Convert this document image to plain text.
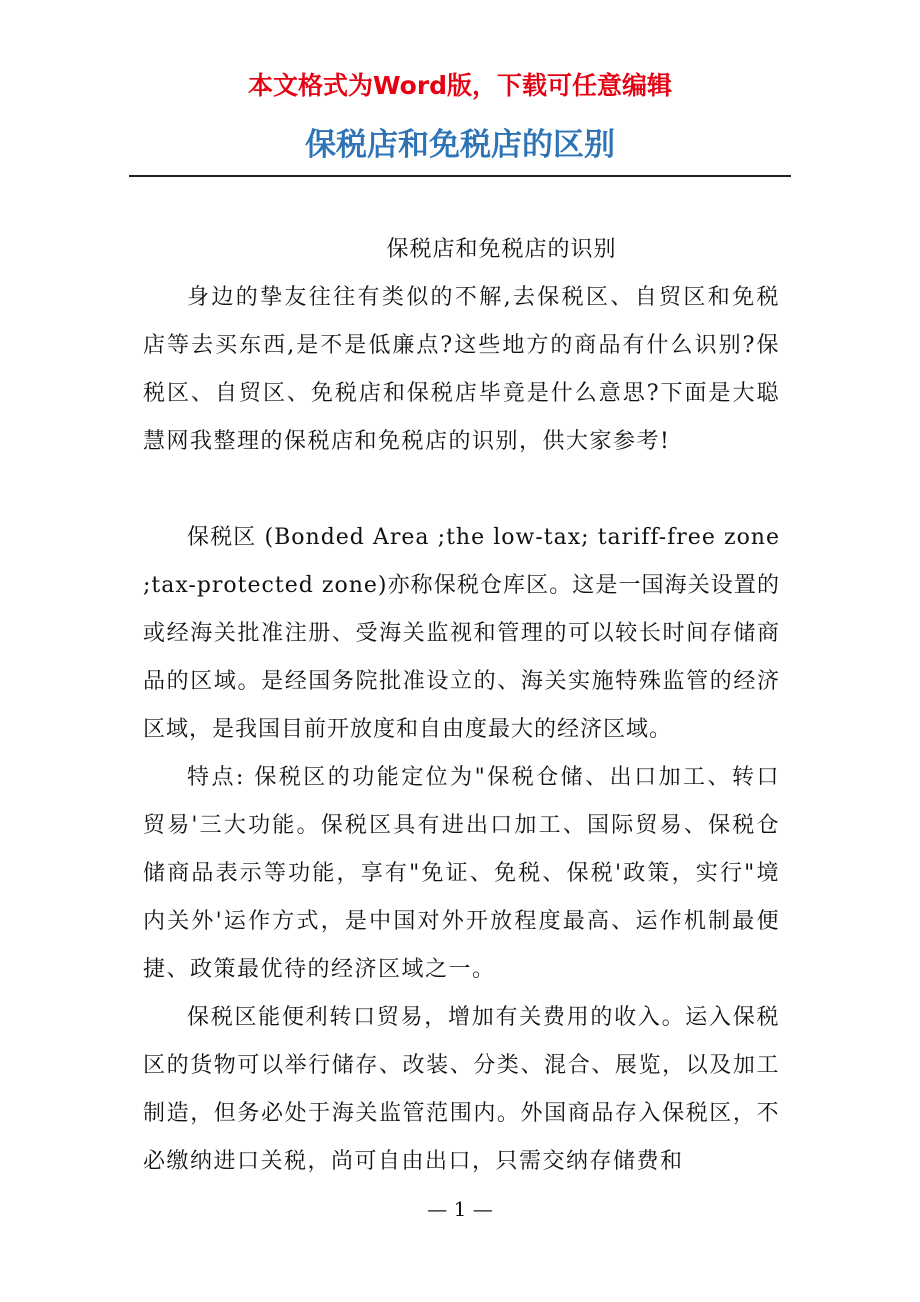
本文格式为Word版，下载可任意编辑
保税店和免税店的区别

保税店和免税店的识别

身边的挚友往往有类似的不解,去保税区、自贸区和免税店等去买东西,是不是低廉点?这些地方的商品有什么识别?保税区、自贸区、免税店和保税店毕竟是什么意思?下面是大聪慧网我整理的保税店和免税店的识别，供大家参考!

保税区 (Bonded Area ;the low-tax; tariff-free zone ;tax-protected zone)亦称保税仓库区。这是一国海关设置的或经海关批准注册、受海关监视和管理的可以较长时间存储商品的区域。是经国务院批准设立的、海关实施特殊监管的经济区域，是我国目前开放度和自由度最大的经济区域。

特点: 保税区的功能定位为"保税仓储、出口加工、转口贸易'三大功能。保税区具有进出口加工、国际贸易、保税仓储商品表示等功能，享有"免证、免税、保税'政策，实行"境内关外'运作方式，是中国对外开放程度最高、运作机制最便捷、政策最优待的经济区域之一。

保税区能便利转口贸易，增加有关费用的收入。运入保税区的货物可以举行储存、改装、分类、混合、展览，以及加工制造，但务必处于海关监管范围内。外国商品存入保税区，不必缴纳进口关税，尚可自由出口，只需交纳存储费和

— 1 —
